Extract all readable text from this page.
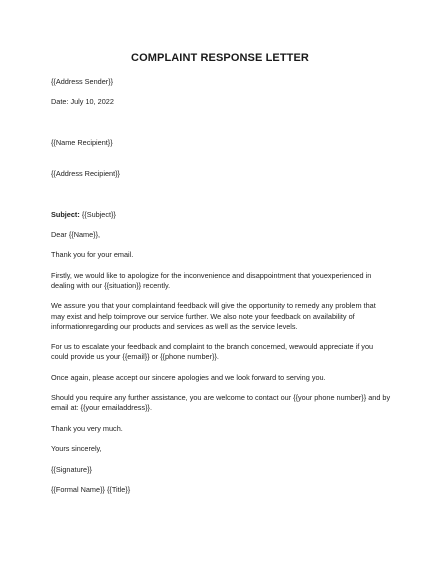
COMPLAINT RESPONSE LETTER

{{Address Sender}}

Date: July 10, 2022

{{Name Recipient}}

{{Address Recipient}}

Subject: {{Subject}}

Dear {{Name}},

Thank you for your email.

Firstly, we would like to apologize for the inconvenience and disappointment that youexperienced in dealing with our {{situation}} recently.

We assure you that your complaintand feedback will give the opportunity to remedy any problem that may exist and help toimprove our service further. We also note your feedback on availability of informationregarding our products and services as well as the service levels.

For us to escalate your feedback and complaint to the branch concerned, wewould appreciate if you could provide us your {{email}} or {{phone number}}.

Once again, please accept our sincere apologies and we look forward to serving you.

Should you require any further assistance, you are welcome to contact our {{your phone number}} and by email at: {{your emailaddress}}.

Thank you very much.

Yours sincerely,

{{Signature}}

{{Formal Name}} {{Title}}
